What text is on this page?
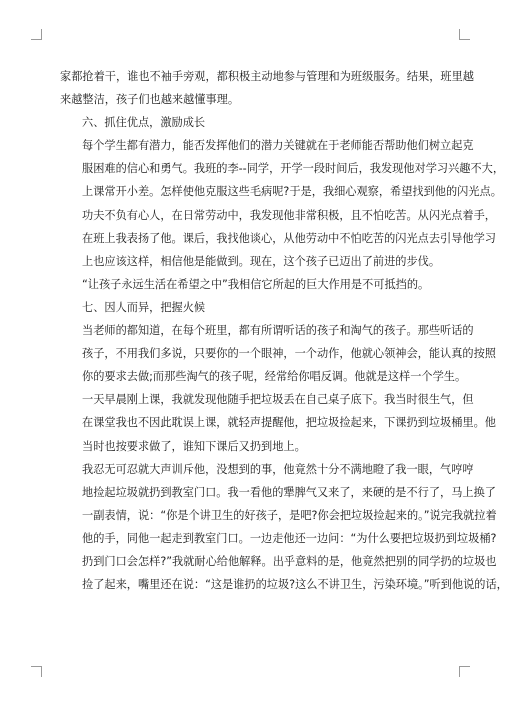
家都抢着干，谁也不袖手旁观，都积极主动地参与管理和为班级服务。结果，班里越
来越整洁，孩子们也越来越懂事理。

六、抓住优点，激励成长

每个学生都有潜力，能否发挥他们的潜力关键就在于老师能否帮助他们树立起克
服困难的信心和勇气。我班的李--同学，开学一段时间后，我发现他对学习兴趣不大，
上课常开小差。怎样使他克服这些毛病呢?于是，我细心观察，希望找到他的闪光点。
功夫不负有心人，在日常劳动中，我发现他非常积极，且不怕吃苦。从闪光点着手，
在班上我表扬了他。课后，我找他谈心，从他劳动中不怕吃苦的闪光点去引导他学习
上也应该这样，相信他是能做到。现在，这个孩子已迈出了前进的步伐。

“让孩子永远生活在希望之中”我相信它所起的巨大作用是不可抵挡的。

七、因人而异，把握火候

当老师的都知道，在每个班里，都有所谓听话的孩子和淘气的孩子。那些听话的
孩子，不用我们多说，只要你的一个眼神，一个动作，他就心领神会，能认真的按照
你的要求去做;而那些淘气的孩子呢，经常给你唱反调。他就是这样一个学生。

一天早晨刚上课，我就发现他随手把垃圾丢在自己桌子底下。我当时很生气，但
在课堂我也不因此耽误上课，就轻声提醒他，把垃圾捡起来，下课扔到垃圾桶里。他
当时也按要求做了，谁知下课后又扔到地上。

我忍无可忍就大声训斥他，没想到的事，他竟然十分不满地瞪了我一眼，气哼哼
地捡起垃圾就扔到教室门口。我一看他的犟脾气又来了，来硬的是不行了，马上换了
一副表情，说：“你是个讲卫生的好孩子，是吧?你会把垃圾捡起来的。”说完我就拉着
他的手，同他一起走到教室门口。一边走他还一边问：“为什么要把垃圾扔到垃圾桶?
扔到门口会怎样?”我就耐心给他解释。出乎意料的是，他竟然把别的同学扔的垃圾也
捡了起来，嘴里还在说：“这是谁扔的垃圾?这么不讲卫生，污染环境。”听到他说的话，
